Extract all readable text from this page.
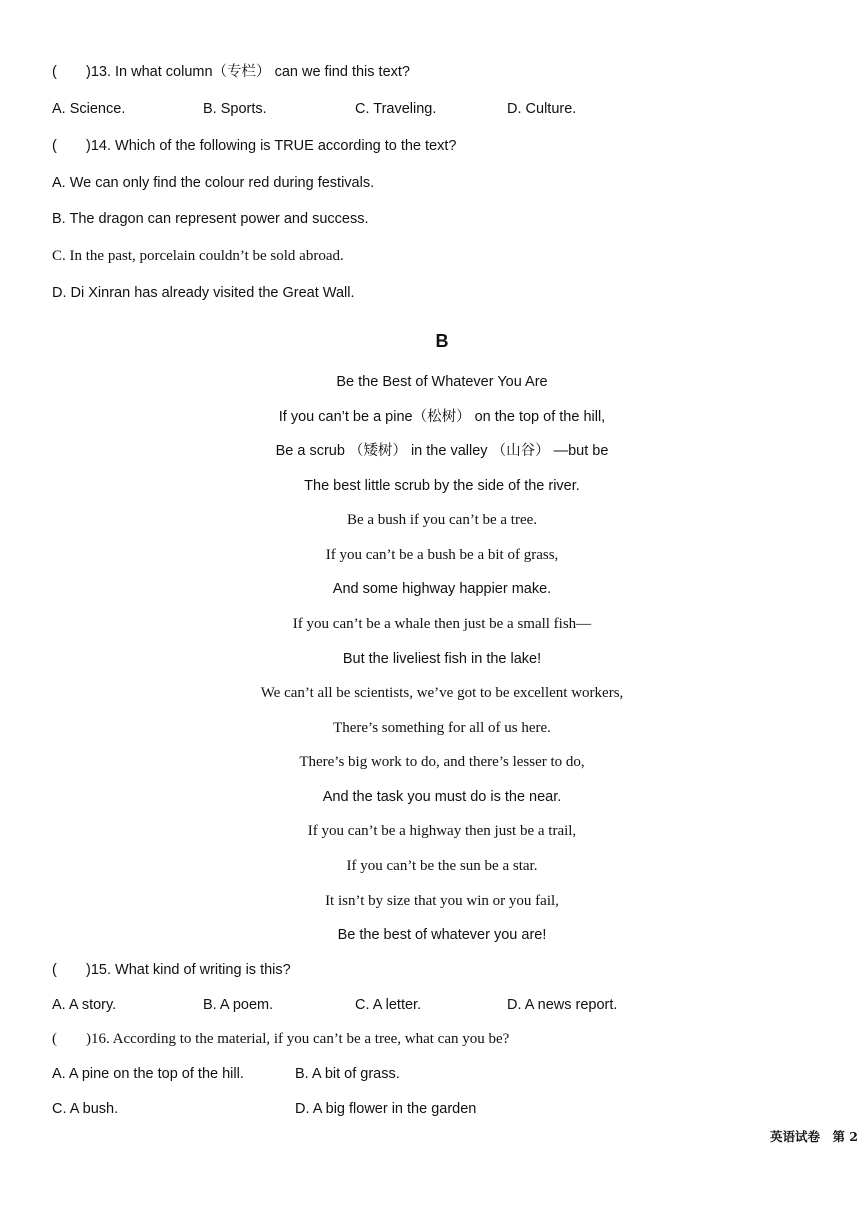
( )13. In what column（专栏） can we find this text?
A. Science.	B. Sports.	C. Traveling.	D. Culture.
( )14. Which of the following is TRUE according to the text?
A. We can only find the colour red during festivals.
B. The dragon can represent power and success.
C. In the past, porcelain couldn’t be sold abroad.
D. Di Xinran has already visited the Great Wall.
B
Be the Best of Whatever You Are
If you can’t be a pine（松树） on the top of the hill,
Be a scrub （矮树） in the valley （山谷） —but be
The best little scrub by the side of the river.
Be a bush if you can’t be a tree.
If you can’t be a bush be a bit of grass,
And some highway happier make.
If you can’t be a whale then just be a small fish—
But the liveliest fish in the lake!
We can’t all be scientists, we’ve got to be excellent workers,
There’s something for all of us here.
There’s big work to do, and there’s lesser to do,
And the task you must do is the near.
If you can’t be a highway then just be a trail,
If you can’t be the sun be a star.
It isn’t by size that you win or you fail,
Be the best of whatever you are!
( )15. What kind of writing is this?
A. A story.	B. A poem.	C. A letter.	D. A news report.
( )16. According to the material, if you can’t be a tree, what can you be?
A. A pine on the top of the hill.	B. A bit of grass.
C. A bush.	D. A big flower in the garden
英语试卷　第 2
